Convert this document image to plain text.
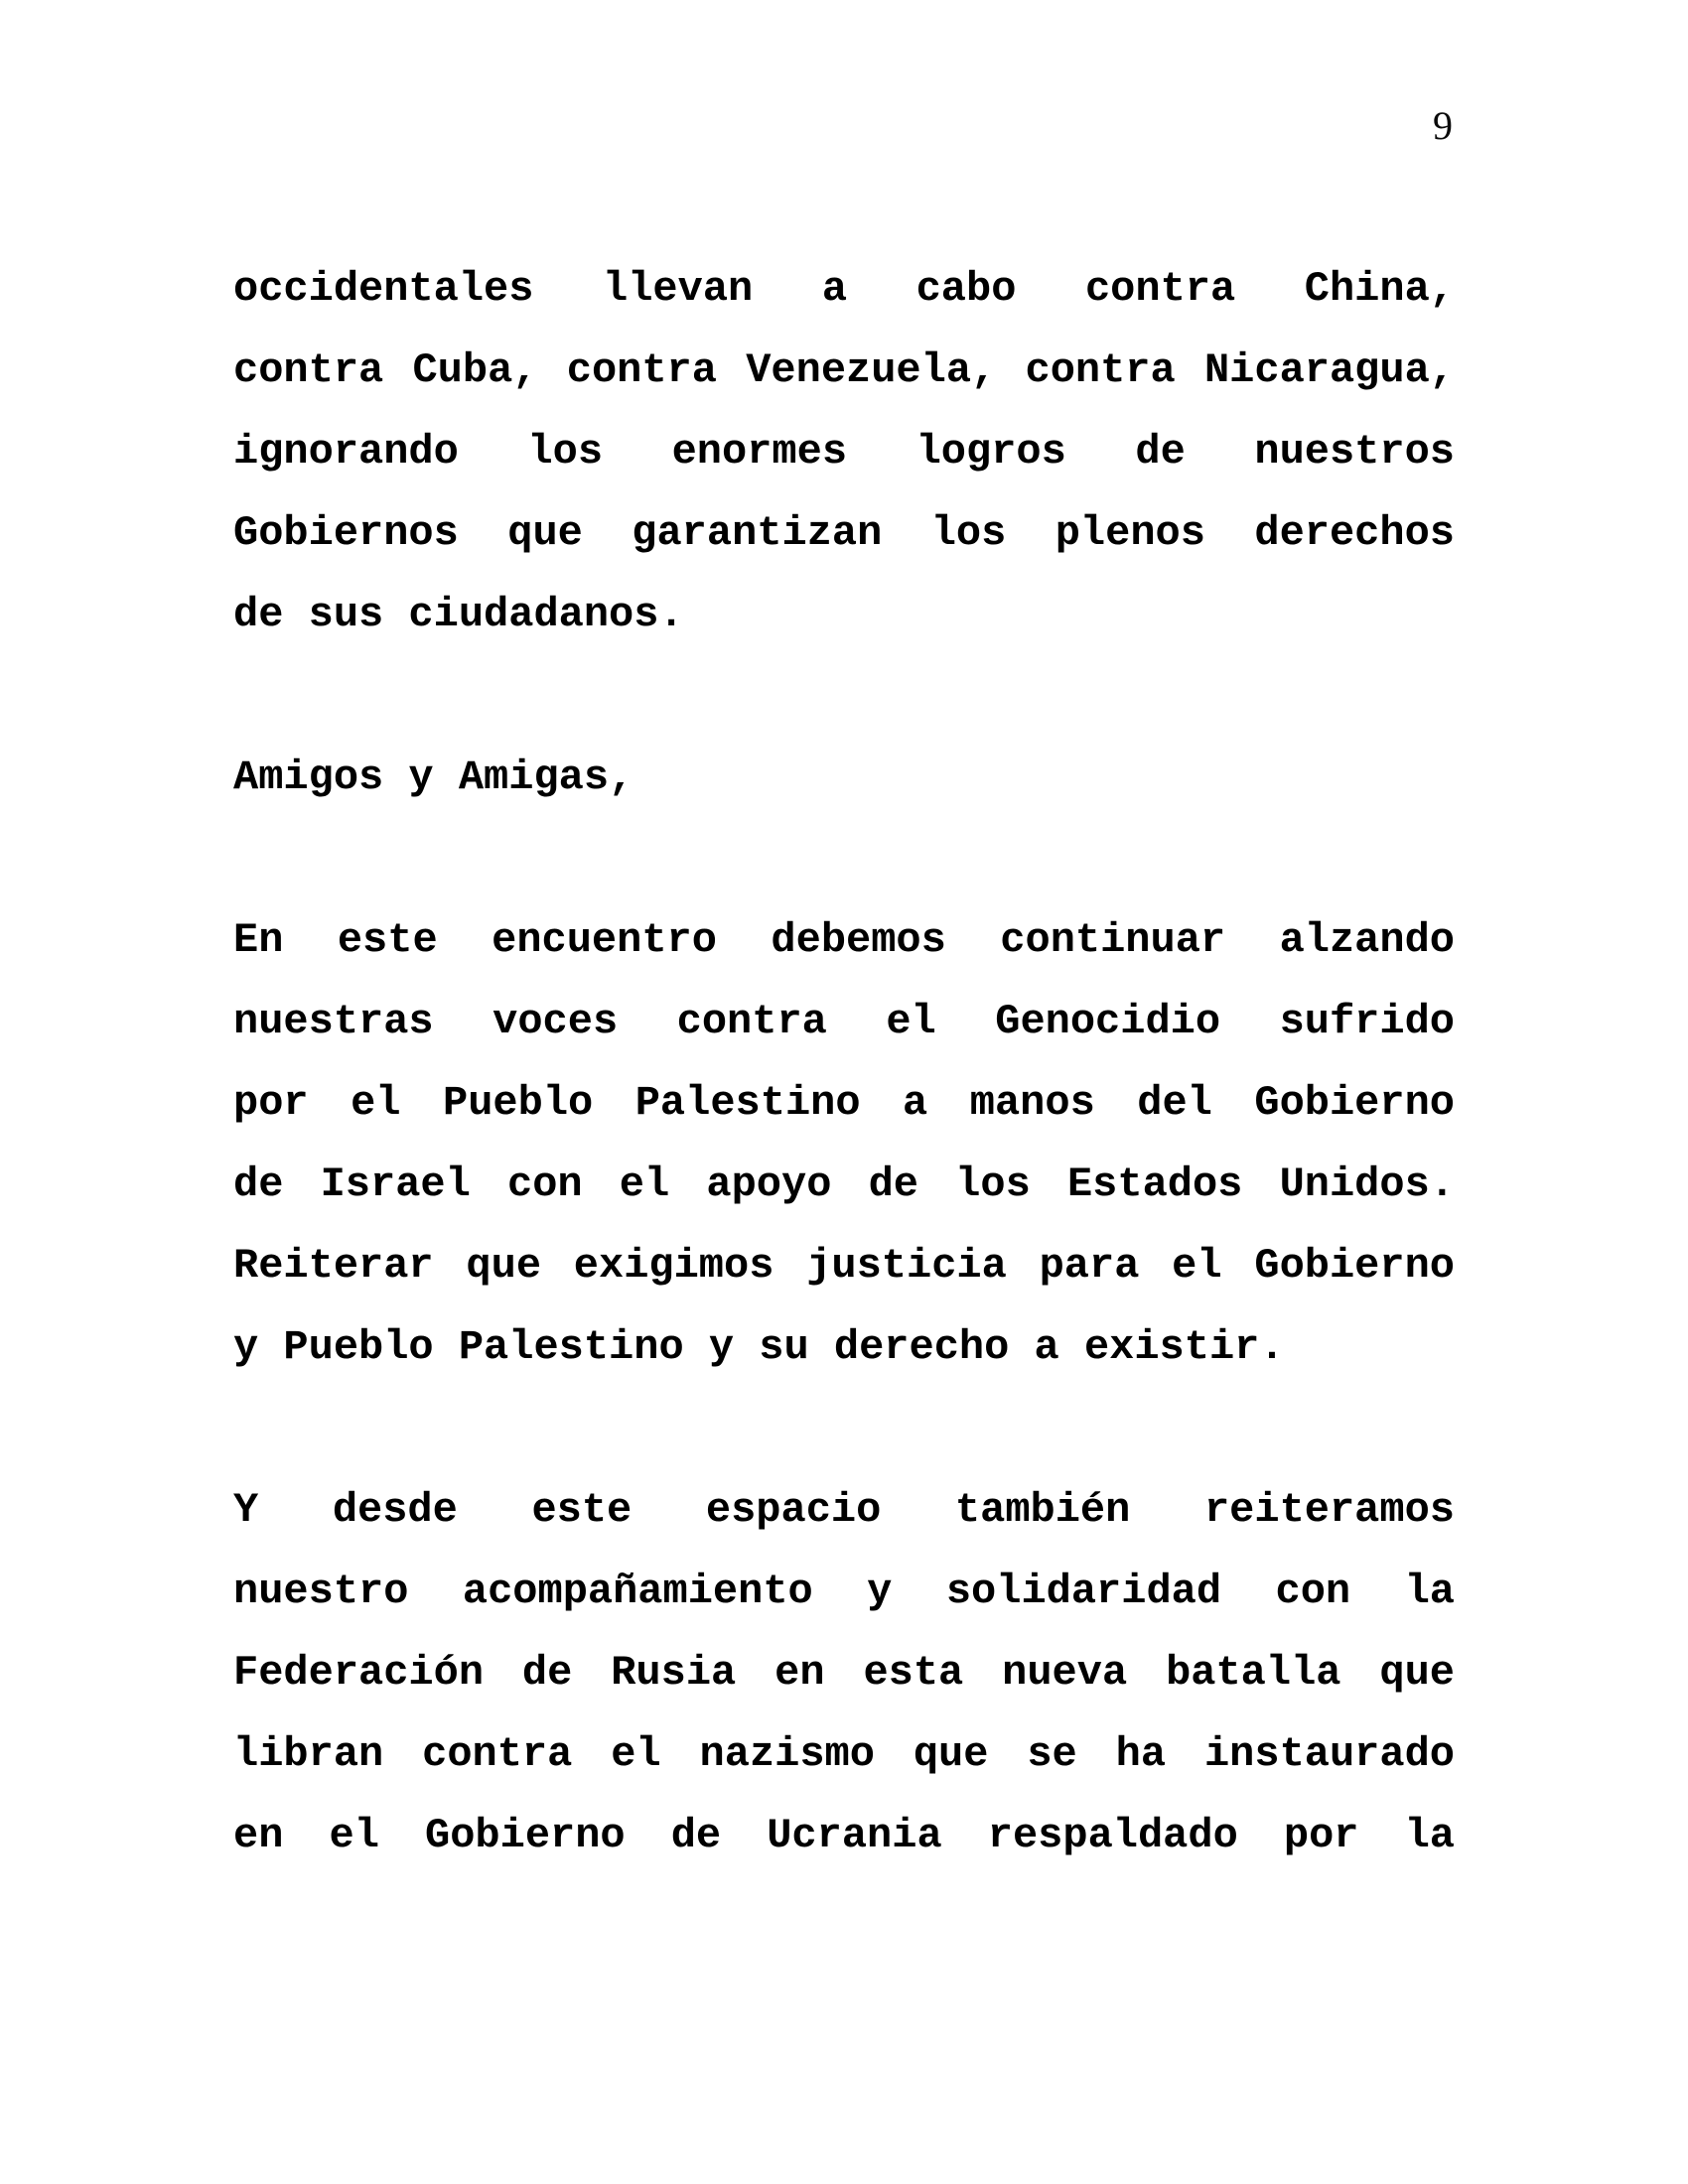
9
occidentales llevan a cabo contra China,
contra Cuba, contra Venezuela, contra Nicaragua,
ignorando los enormes logros de nuestros
Gobiernos que garantizan los plenos derechos
de sus ciudadanos.
Amigos y Amigas,
En este encuentro debemos continuar alzando
nuestras voces contra el Genocidio sufrido
por el Pueblo Palestino a manos del Gobierno
de Israel con el apoyo de los Estados Unidos.
Reiterar que exigimos justicia para el Gobierno
y Pueblo Palestino y su derecho a existir.
Y desde este espacio también reiteramos
nuestro acompañamiento y solidaridad con la
Federación de Rusia en esta nueva batalla que
libran contra el nazismo que se ha instaurado
en el Gobierno de Ucrania respaldado por la
